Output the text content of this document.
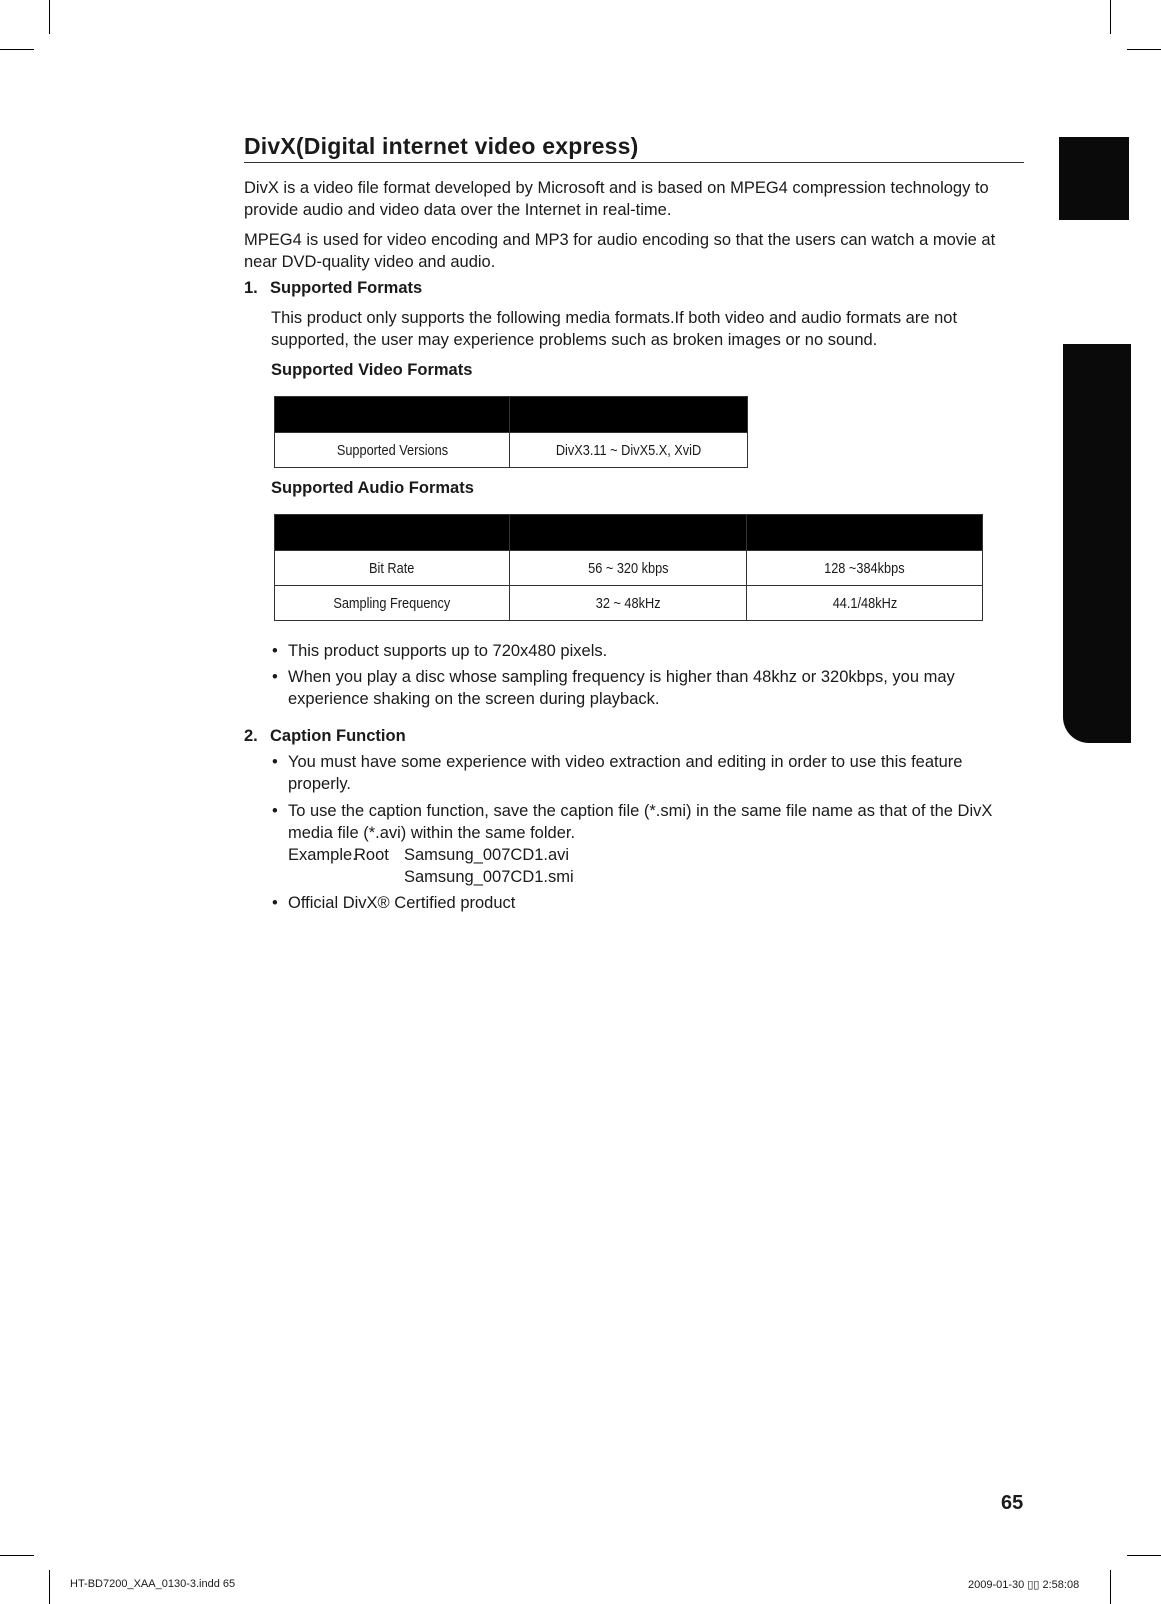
DivX(Digital internet video express)
DivX is a video file format developed by Microsoft and is based on MPEG4 compression technology to provide audio and video data over the Internet in real-time.
MPEG4 is used for video encoding and MP3 for audio encoding so that the users can watch a movie at near DVD-quality video and audio.
1. Supported Formats
This product only supports the following media formats.If both video and audio formats are not supported, the user may experience problems such as broken images or no sound.
Supported Video Formats

Supported Versions	DivX3.11 ~ DivX5.X, XviD
Supported Audio Formats

Bit Rate	56 ~ 320 kbps	128 ~384kbps
Sampling Frequency	32 ~ 48kHz	44.1/48kHz
• This product supports up to 720x480 pixels.
• When you play a disc whose sampling frequency is higher than 48khz or 320kbps, you may experience shaking on the screen during playback.
2. Caption Function
• You must have some experience with video extraction and editing in order to use this feature properly.
• To use the caption function, save the caption file (*.smi) in the same file name as that of the DivX media file (*.avi) within the same folder.
Example.
Root Samsung_007CD1.avi
Samsung_007CD1.smi
• Official DivX® Certified product
65
HT-BD7200_XAA_0130-3.indd 65	2009-01-30 ▯▯ 2:58:08
